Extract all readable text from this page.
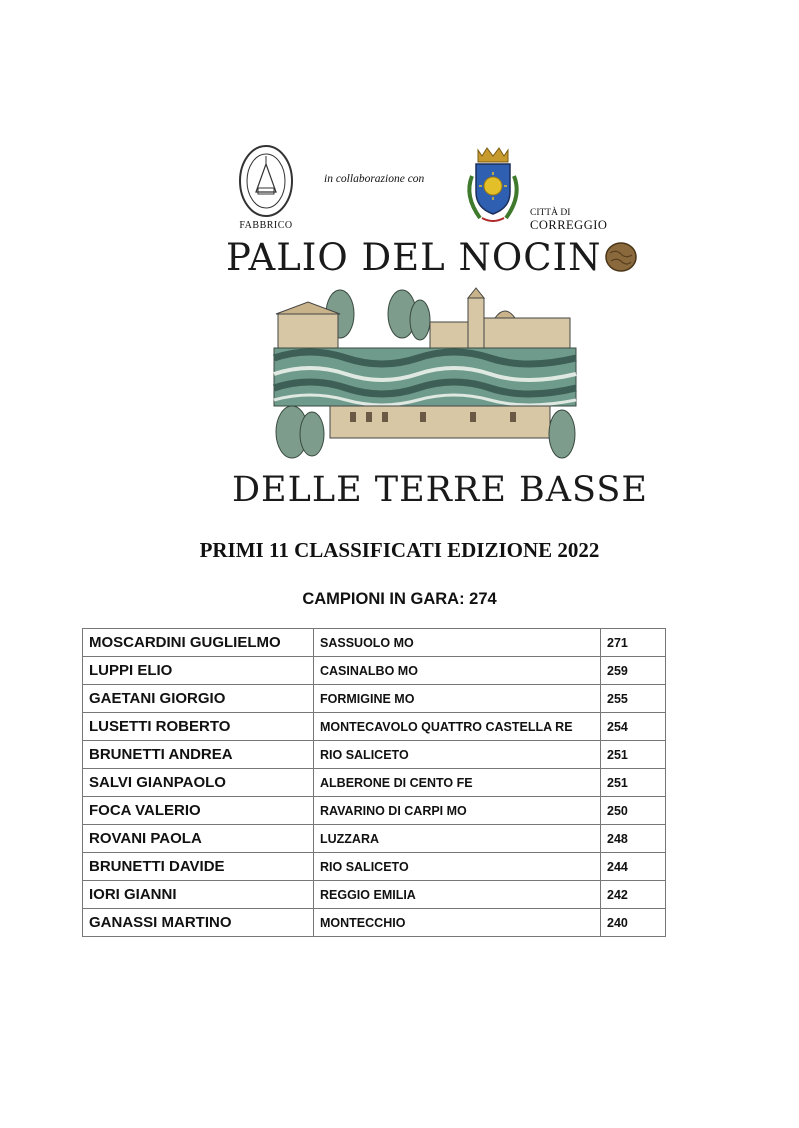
FABBRICO
in collaborazione con
CITTÀ DI
CORREGGIO
PALIO DEL NOCIN
DELLE TERRE BASSE
PRIMI 11 CLASSIFICATI EDIZIONE 2022
CAMPIONI IN GARA: 274
MOSCARDINI GUGLIELMO	SASSUOLO MO	271
LUPPI ELIO	CASINALBO MO	259
GAETANI GIORGIO	FORMIGINE MO	255
LUSETTI ROBERTO	MONTECAVOLO QUATTRO CASTELLA RE	254
BRUNETTI ANDREA	RIO SALICETO	251
SALVI GIANPAOLO	ALBERONE DI CENTO FE	251
FOCA VALERIO	RAVARINO DI CARPI MO	250
ROVANI PAOLA	LUZZARA	248
BRUNETTI DAVIDE	RIO SALICETO	244
IORI GIANNI	REGGIO EMILIA	242
GANASSI MARTINO	MONTECCHIO	240
